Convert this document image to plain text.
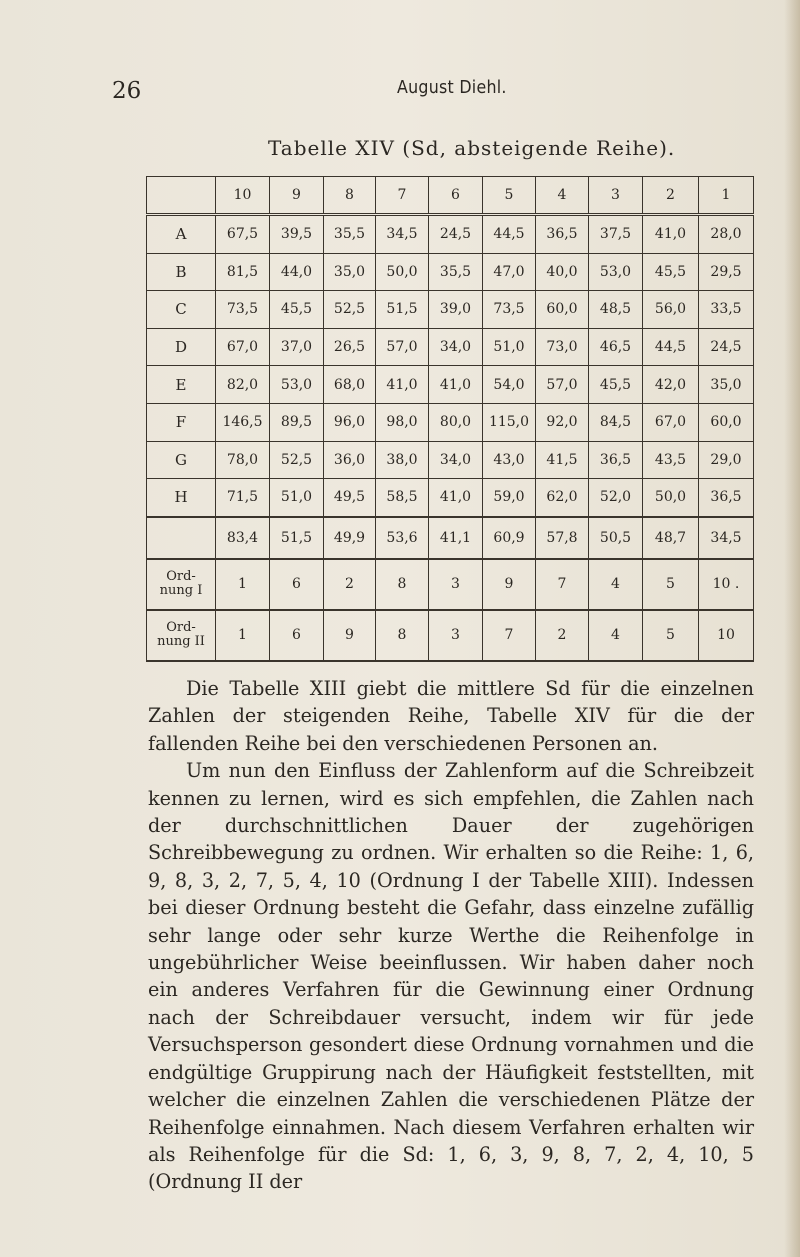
26	August Diehl.
Tabelle XIV (Sd, absteigende Reihe).
	10	9	8	7	6	5	4	3	2	1
A	67,5	39,5	35,5	34,5	24,5	44,5	36,5	37,5	41,0	28,0
B	81,5	44,0	35,0	50,0	35,5	47,0	40,0	53,0	45,5	29,5
C	73,5	45,5	52,5	51,5	39,0	73,5	60,0	48,5	56,0	33,5
D	67,0	37,0	26,5	57,0	34,0	51,0	73,0	46,5	44,5	24,5
E	82,0	53,0	68,0	41,0	41,0	54,0	57,0	45,5	42,0	35,0
F	146,5	89,5	96,0	98,0	80,0	115,0	92,0	84,5	67,0	60,0
G	78,0	52,5	36,0	38,0	34,0	43,0	41,5	36,5	43,5	29,0
H	71,5	51,0	49,5	58,5	41,0	59,0	62,0	52,0	50,0	36,5
	83,4	51,5	49,9	53,6	41,1	60,9	57,8	50,5	48,7	34,5
Ord-
nung I	1	6	2	8	3	9	7	4	5	10 .
Ord-
nung II	1	6	9	8	3	7	2	4	5	10

Die Tabelle XIII giebt die mittlere Sd für die einzelnen Zahlen der steigenden Reihe, Tabelle XIV für die der fallenden Reihe bei den verschiedenen Personen an.

Um nun den Einfluss der Zahlenform auf die Schreibzeit kennen zu lernen, wird es sich empfehlen, die Zahlen nach der durchschnittlichen Dauer der zugehörigen Schreibbewegung zu ordnen. Wir erhalten so die Reihe: 1, 6, 9, 8, 3, 2, 7, 5, 4, 10 (Ordnung I der Tabelle XIII). Indessen bei dieser Ordnung besteht die Gefahr, dass einzelne zufällig sehr lange oder sehr kurze Werthe die Reihenfolge in ungebührlicher Weise beeinflussen. Wir haben daher noch ein anderes Verfahren für die Gewinnung einer Ordnung nach der Schreibdauer versucht, indem wir für jede Versuchsperson gesondert diese Ordnung vornahmen und die endgültige Gruppirung nach der Häufigkeit feststellten, mit welcher die einzelnen Zahlen die verschiedenen Plätze der Reihenfolge einnahmen. Nach diesem Verfahren erhalten wir als Reihenfolge für die Sd: 1, 6, 3, 9, 8, 7, 2, 4, 10, 5 (Ordnung II der
